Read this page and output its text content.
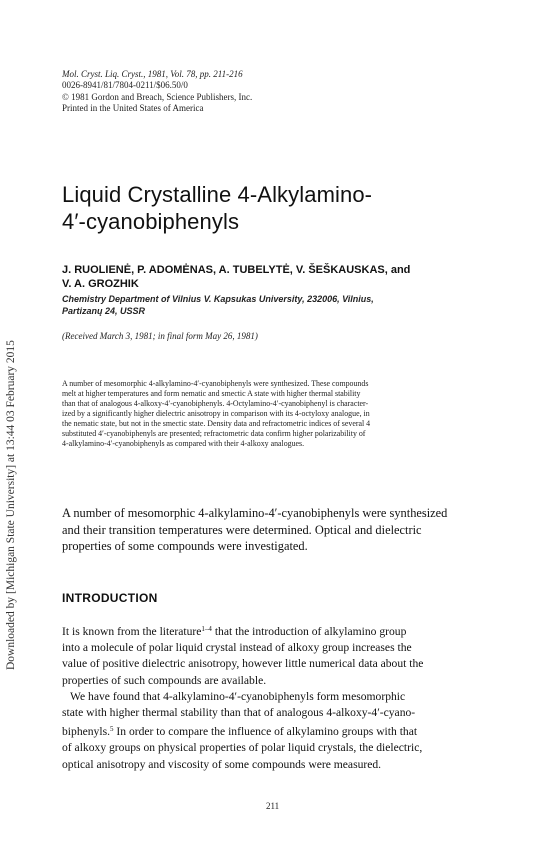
Downloaded by [Michigan State University] at 13:44 03 February 2015
Mol. Cryst. Liq. Cryst., 1981, Vol. 78, pp. 211-216
0026-8941/81/7804-0211/$06.50/0
© 1981 Gordon and Breach, Science Publishers, Inc.
Printed in the United States of America
Liquid Crystalline 4-Alkylamino-
4′-cyanobiphenyls
J. RUOLIENĖ, P. ADOMĖNAS, A. TUBELYTĖ, V. ŠEŠKAUSKAS, and
V. A. GROZHIK
Chemistry Department of Vilnius V. Kapsukas University, 232006, Vilnius,
Partizanų 24, USSR
(Received March 3, 1981; in final form May 26, 1981)
A number of mesomorphic 4-alkylamino-4′-cyanobiphenyls were synthesized. These compounds
melt at higher temperatures and form nematic and smectic A state with higher thermal stability
than that of analogous 4-alkoxy-4′-cyanobiphenyls. 4-Octylamino-4′-cyanobiphenyl is character-
ized by a significantly higher dielectric anisotropy in comparison with its 4-octyloxy analogue, in
the nematic state, but not in the smectic state. Density data and refractometric indices of several 4
substituted 4′-cyanobiphenyls are presented; refractometric data confirm higher polarizability of
4-alkylamino-4′-cyanobiphenyls as compared with their 4-alkoxy analogues.
A number of mesomorphic 4-alkylamino-4′-cyanobiphenyls were synthesized
and their transition temperatures were determined. Optical and dielectric
properties of some compounds were investigated.
INTRODUCTION
It is known from the literature$^{1-4}$ that the introduction of alkylamino group
into a molecule of polar liquid crystal instead of alkoxy group increases the
value of positive dielectric anisotropy, however little numerical data about the
properties of such compounds are available.
We have found that 4-alkylamino-4′-cyanobiphenyls form mesomorphic
state with higher thermal stability than that of analogous 4-alkoxy-4′-cyano-
biphenyls.$^5$ In order to compare the influence of alkylamino groups with that
of alkoxy groups on physical properties of polar liquid crystals, the dielectric,
optical anisotropy and viscosity of some compounds were measured.
211
